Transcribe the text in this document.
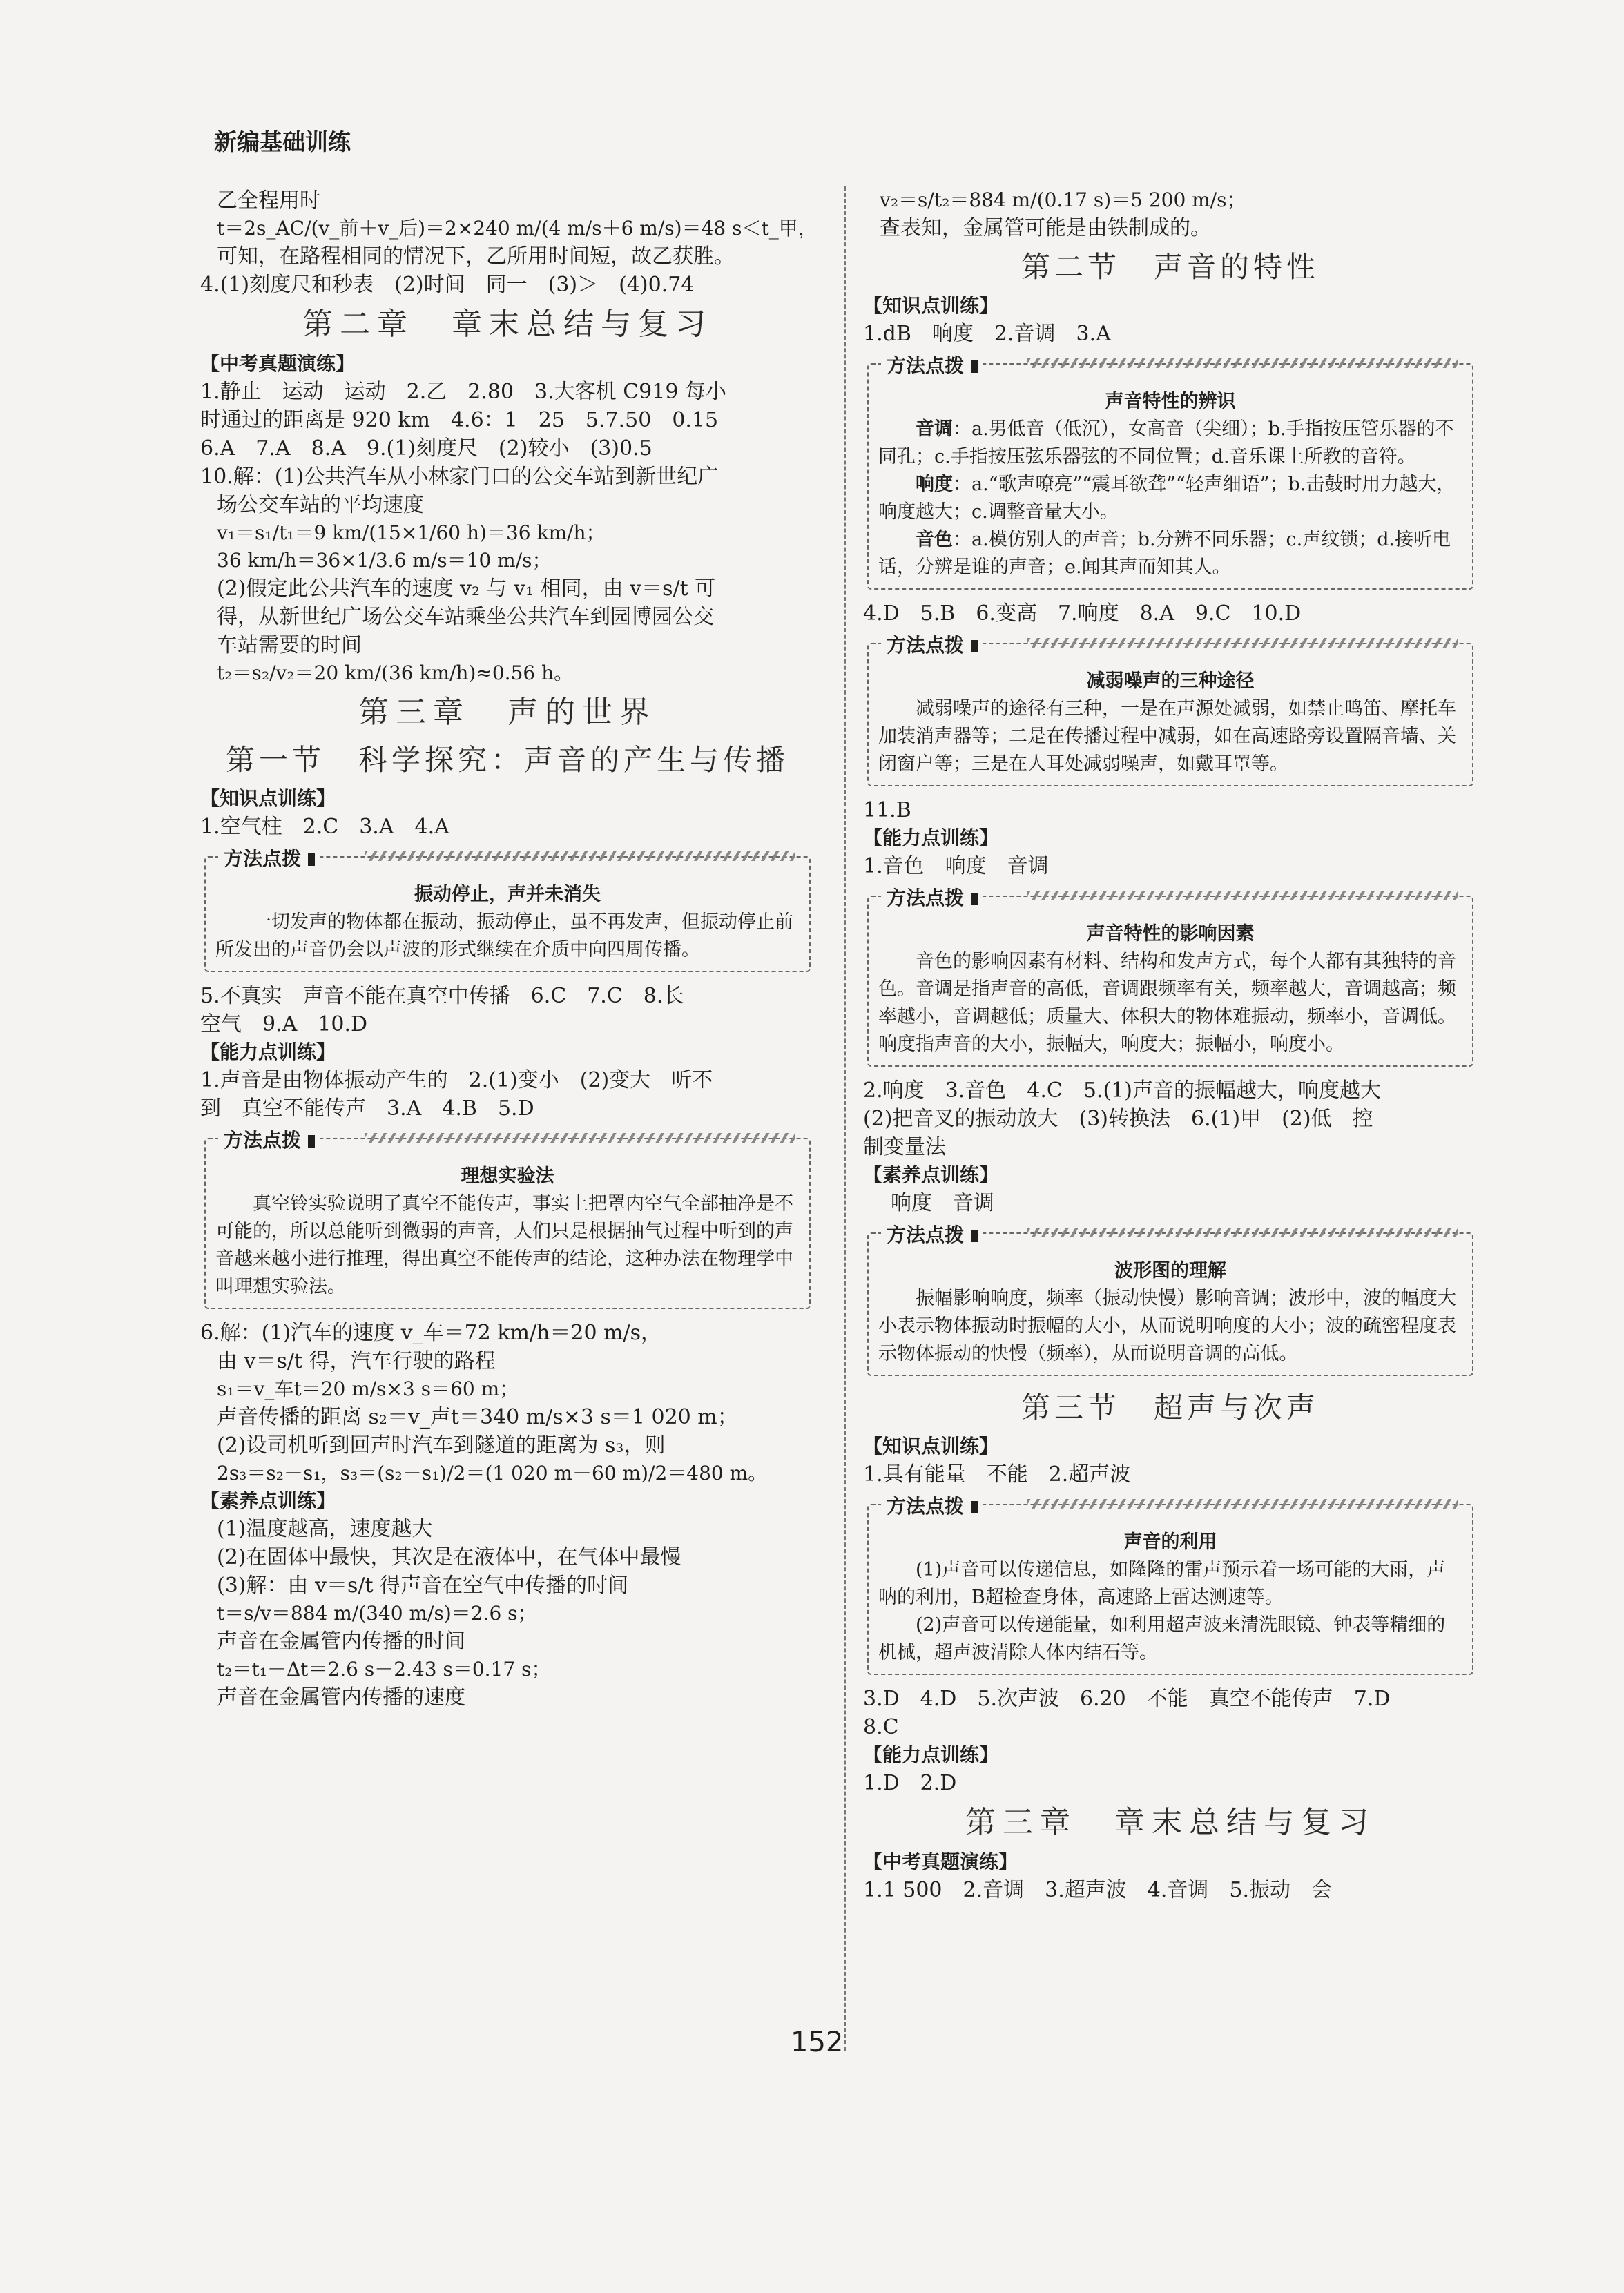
新编基础训练
乙全程用时
t＝2s_AC/(v_前＋v_后)＝2×240 m/(4 m/s＋6 m/s)＝48 s＜t_甲，
可知，在路程相同的情况下，乙所用时间短，故乙获胜。
4.(1)刻度尺和秒表　(2)时间　同一　(3)＞　(4)0.74
第二章　章末总结与复习
【中考真题演练】
1.静止　运动　运动　2.乙　2.80　3.大客机 C919 每小
时通过的距离是 920 km　4.6：1　25　5.7.50　0.15
6.A　7.A　8.A　9.(1)刻度尺　(2)较小　(3)0.5
10.解：(1)公共汽车从小林家门口的公交车站到新世纪广
场公交车站的平均速度
v₁＝s₁/t₁＝9 km/(15×1/60 h)＝36 km/h；
36 km/h＝36×1/3.6 m/s＝10 m/s；
(2)假定此公共汽车的速度 v₂ 与 v₁ 相同，由 v＝s/t 可
得，从新世纪广场公交车站乘坐公共汽车到园博园公交
车站需要的时间
t₂＝s₂/v₂＝20 km/(36 km/h)≈0.56 h。
第三章　声的世界
第一节　科学探究：声音的产生与传播
【知识点训练】
1.空气柱　2.C　3.A　4.A
方法点拨
振动停止，声并未消失
　　一切发声的物体都在振动，振动停止，虽不再发声，但振动停止前所发出的声音仍会以声波的形式继续在介质中向四周传播。
5.不真实　声音不能在真空中传播　6.C　7.C　8.长
空气　9.A　10.D
【能力点训练】
1.声音是由物体振动产生的　2.(1)变小　(2)变大　听不
到　真空不能传声　3.A　4.B　5.D
方法点拨
理想实验法
　　真空铃实验说明了真空不能传声，事实上把罩内空气全部抽净是不可能的，所以总能听到微弱的声音，人们只是根据抽气过程中听到的声音越来越小进行推理，得出真空不能传声的结论，这种办法在物理学中叫理想实验法。
6.解：(1)汽车的速度 v_车＝72 km/h＝20 m/s，
由 v＝s/t 得，汽车行驶的路程
s₁＝v_车t＝20 m/s×3 s＝60 m；
声音传播的距离 s₂＝v_声t＝340 m/s×3 s＝1 020 m；
(2)设司机听到回声时汽车到隧道的距离为 s₃，则
2s₃＝s₂－s₁，s₃＝(s₂－s₁)/2＝(1 020 m－60 m)/2＝480 m。
【素养点训练】
(1)温度越高，速度越大
(2)在固体中最快，其次是在液体中，在气体中最慢
(3)解：由 v＝s/t 得声音在空气中传播的时间
t＝s/v＝884 m/(340 m/s)＝2.6 s；
声音在金属管内传播的时间
t₂＝t₁－Δt＝2.6 s－2.43 s＝0.17 s；
声音在金属管内传播的速度
v₂＝s/t₂＝884 m/(0.17 s)＝5 200 m/s；
查表知，金属管可能是由铁制成的。
第二节　声音的特性
【知识点训练】
1.dB　响度　2.音调　3.A
方法点拨
声音特性的辨识
　　音调：a.男低音（低沉），女高音（尖细）；b.手指按压管乐器的不同孔；c.手指按压弦乐器弦的不同位置；d.音乐课上所教的音符。
　　响度：a.“歌声嘹亮”“震耳欲聋”“轻声细语”；b.击鼓时用力越大，响度越大；c.调整音量大小。
　　音色：a.模仿别人的声音；b.分辨不同乐器；c.声纹锁；d.接听电话，分辨是谁的声音；e.闻其声而知其人。
4.D　5.B　6.变高　7.响度　8.A　9.C　10.D
方法点拨
减弱噪声的三种途径
　　减弱噪声的途径有三种，一是在声源处减弱，如禁止鸣笛、摩托车加装消声器等；二是在传播过程中减弱，如在高速路旁设置隔音墙、关闭窗户等；三是在人耳处减弱噪声，如戴耳罩等。
11.B
【能力点训练】
1.音色　响度　音调
方法点拨
声音特性的影响因素
　　音色的影响因素有材料、结构和发声方式，每个人都有其独特的音色。音调是指声音的高低，音调跟频率有关，频率越大，音调越高；频率越小，音调越低；质量大、体积大的物体难振动，频率小，音调低。响度指声音的大小，振幅大，响度大；振幅小，响度小。
2.响度　3.音色　4.C　5.(1)声音的振幅越大，响度越大
(2)把音叉的振动放大　(3)转换法　6.(1)甲　(2)低　控
制变量法
【素养点训练】
响度　音调
方法点拨
波形图的理解
　　振幅影响响度，频率（振动快慢）影响音调；波形中，波的幅度大小表示物体振动时振幅的大小，从而说明响度的大小；波的疏密程度表示物体振动的快慢（频率），从而说明音调的高低。
第三节　超声与次声
【知识点训练】
1.具有能量　不能　2.超声波
方法点拨
声音的利用
　　(1)声音可以传递信息，如隆隆的雷声预示着一场可能的大雨，声呐的利用，B超检查身体，高速路上雷达测速等。
　　(2)声音可以传递能量，如利用超声波来清洗眼镜、钟表等精细的机械，超声波清除人体内结石等。
3.D　4.D　5.次声波　6.20　不能　真空不能传声　7.D
8.C
【能力点训练】
1.D　2.D
第三章　章末总结与复习
【中考真题演练】
1.1 500　2.音调　3.超声波　4.音调　5.振动　会
152
